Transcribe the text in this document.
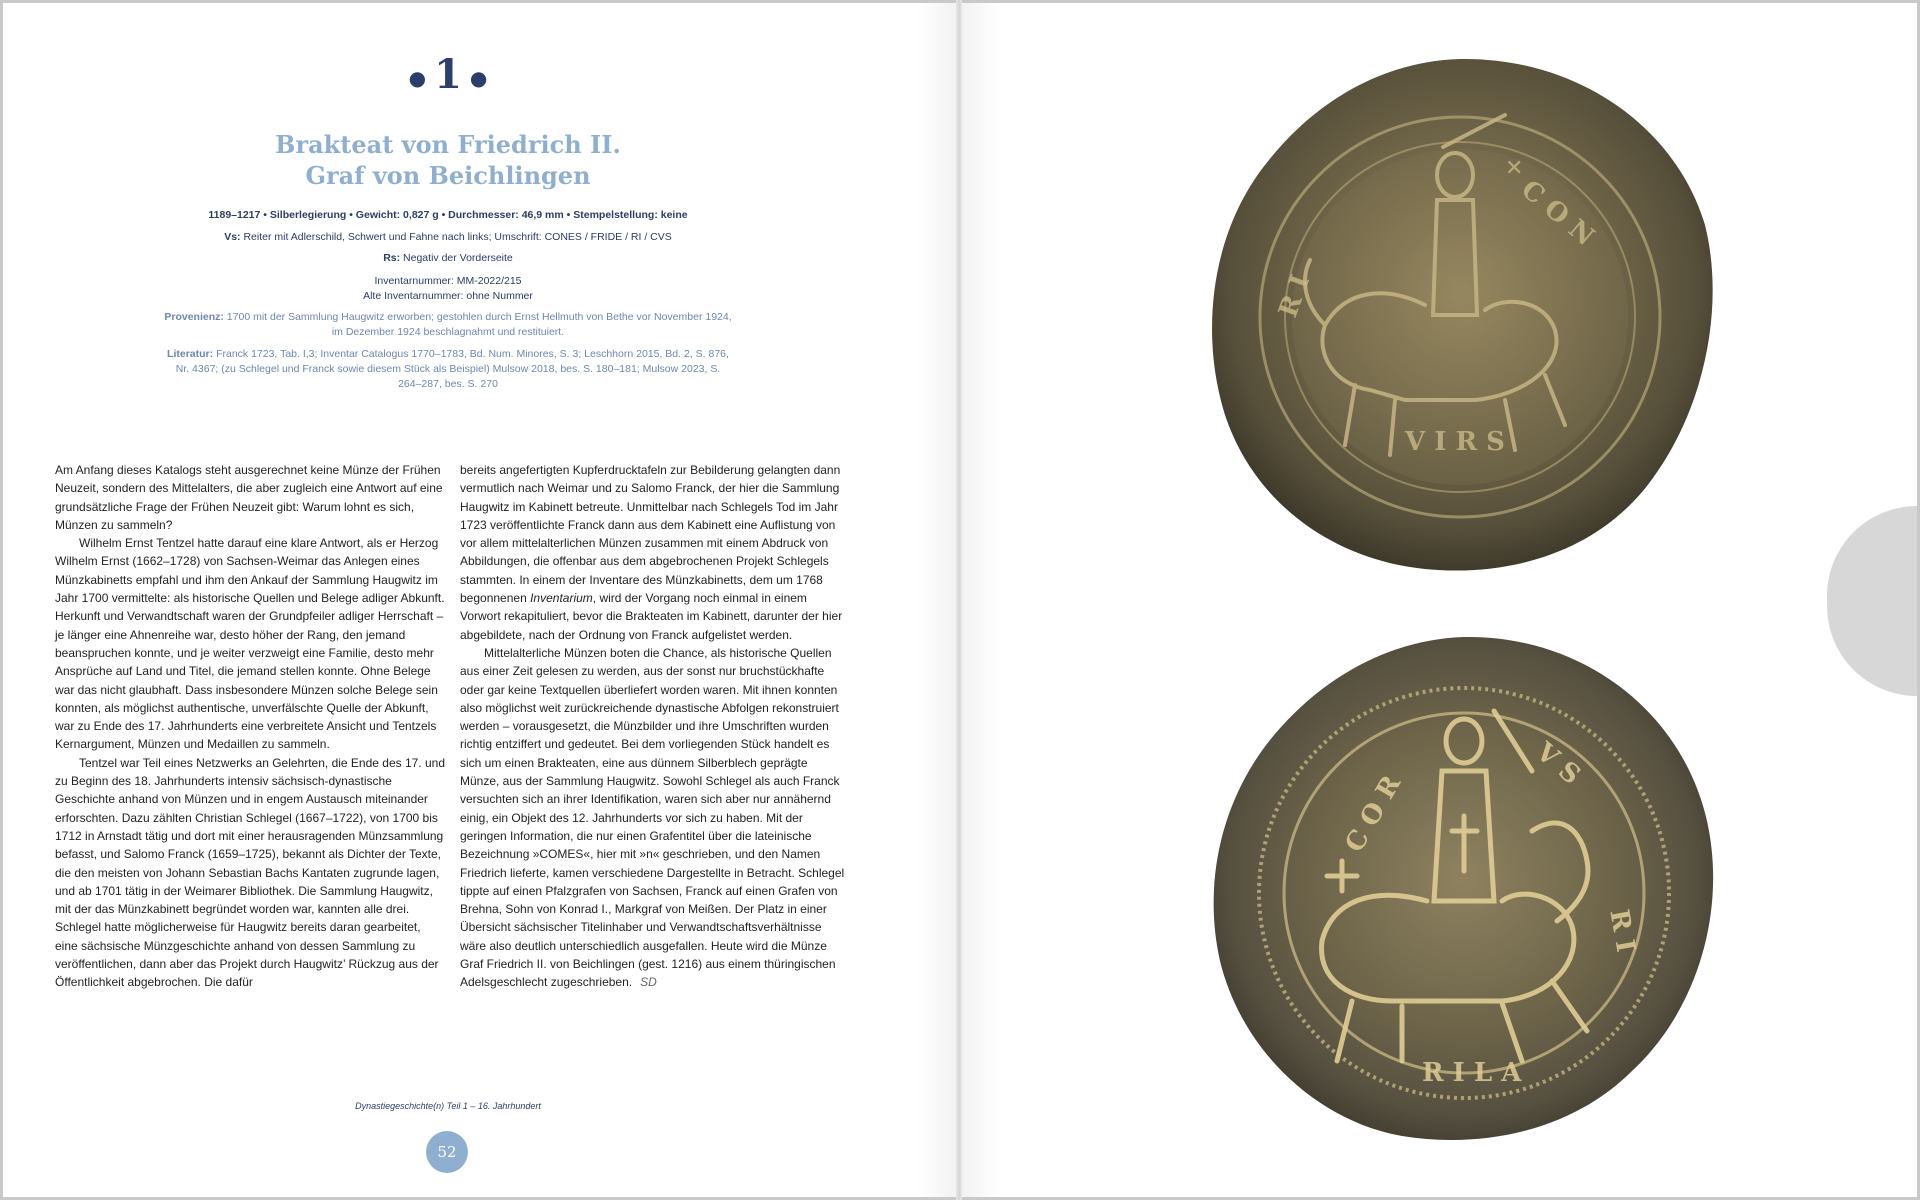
● 1 ●
Brakteat von Friedrich II.
Graf von Beichlingen
1189–1217 • Silberlegierung • Gewicht: 0,827 g • Durchmesser: 46,9 mm • Stempelstellung: keine
Vs: Reiter mit Adlerschild, Schwert und Fahne nach links; Umschrift: CONES / FRIDE / RI / CVS
Rs: Negativ der Vorderseite
Inventarnummer: MM-2022/215
Alte Inventarnummer: ohne Nummer
Provenienz: 1700 mit der Sammlung Haugwitz erworben; gestohlen durch Ernst Hellmuth von Bethe vor November 1924, im Dezember 1924 beschlagnahmt und restituiert.
Literatur: Franck 1723, Tab. I,3; Inventar Catalogus 1770–1783, Bd. Num. Minores, S. 3; Leschhorn 2015, Bd. 2, S. 876, Nr. 4367; (zu Schlegel und Franck sowie diesem Stück als Beispiel) Mulsow 2018, bes. S. 180–181; Mulsow 2023, S. 264–287, bes. S. 270

Am Anfang dieses Katalogs steht ausgerechnet keine Münze der Frühen Neuzeit, sondern des Mittelalters, die aber zugleich eine Antwort auf eine grundsätzliche Frage der Frühen Neuzeit gibt: Warum lohnt es sich, Münzen zu sammeln?

Wilhelm Ernst Tentzel hatte darauf eine klare Antwort, als er Herzog Wilhelm Ernst (1662–1728) von Sachsen-Weimar das Anlegen eines Münzkabinetts empfahl und ihm den Ankauf der Sammlung Haugwitz im Jahr 1700 vermittelte: als historische Quellen und Belege adliger Abkunft. Herkunft und Verwandtschaft waren der Grundpfeiler adliger Herrschaft – je länger eine Ahnenreihe war, desto höher der Rang, den jemand beanspruchen konnte, und je weiter verzweigt eine Familie, desto mehr Ansprüche auf Land und Titel, die jemand stellen konnte. Ohne Belege war das nicht glaubhaft. Dass insbesondere Münzen solche Belege sein konnten, als möglichst authentische, unverfälschte Quelle der Abkunft, war zu Ende des 17. Jahrhunderts eine verbreitete Ansicht und Tentzels Kernargument, Münzen und Medaillen zu sammeln.

Tentzel war Teil eines Netzwerks an Gelehrten, die Ende des 17. und zu Beginn des 18. Jahrhunderts intensiv sächsisch-dynastische Geschichte anhand von Münzen und in engem Austausch miteinander erforschten. Dazu zählten Christian Schlegel (1667–1722), von 1700 bis 1712 in Arnstadt tätig und dort mit einer herausragenden Münzsammlung befasst, und Salomo Franck (1659–1725), bekannt als Dichter der Texte, die den meisten von Johann Sebastian Bachs Kantaten zugrunde lagen, und ab 1701 tätig in der Weimarer Bibliothek. Die Sammlung Haugwitz, mit der das Münzkabinett begründet worden war, kannten alle drei. Schlegel hatte möglicherweise für Haugwitz bereits daran gearbeitet, eine sächsische Münzgeschichte anhand von dessen Sammlung zu veröffentlichen, dann aber das Projekt durch Haugwitz’ Rückzug aus der Öffentlichkeit abgebrochen. Die dafür

bereits angefertigten Kupferdrucktafeln zur Bebilderung gelangten dann vermutlich nach Weimar und zu Salomo Franck, der hier die Sammlung Haugwitz im Kabinett betreute. Unmittelbar nach Schlegels Tod im Jahr 1723 veröffentlichte Franck dann aus dem Kabinett eine Auflistung von vor allem mittelalterlichen Münzen zusammen mit einem Abdruck von Abbildungen, die offenbar aus dem abgebrochenen Projekt Schlegels stammten. In einem der Inventare des Münzkabinetts, dem um 1768 begonnenen Inventarium, wird der Vorgang noch einmal in einem Vorwort rekapituliert, bevor die Brakteaten im Kabinett, darunter der hier abgebildete, nach der Ordnung von Franck aufgelistet werden.

Mittelalterliche Münzen boten die Chance, als historische Quellen aus einer Zeit gelesen zu werden, aus der sonst nur bruchstückhafte oder gar keine Textquellen überliefert worden waren. Mit ihnen konnten also möglichst weit zurückreichende dynastische Abfolgen rekonstruiert werden – vorausgesetzt, die Münzbilder und ihre Umschriften wurden richtig entziffert und gedeutet. Bei dem vorliegenden Stück handelt es sich um einen Brakteaten, eine aus dünnem Silberblech geprägte Münze, aus der Sammlung Haugwitz. Sowohl Schlegel als auch Franck versuchten sich an ihrer Identifikation, waren sich aber nur annähernd einig, ein Objekt des 12. Jahrhunderts vor sich zu haben. Mit der geringen Information, die nur einen Grafentitel über die lateinische Bezeichnung »COMES«, hier mit »n« geschrieben, und den Namen Friedrich lieferte, kamen verschiedene Dargestellte in Betracht. Schlegel tippte auf einen Pfalzgrafen von Sachsen, Franck auf einen Grafen von Brehna, Sohn von Konrad I., Markgraf von Meißen. Der Platz in einer Übersicht sächsischer Titelinhaber und Verwandtschaftsverhältnisse wäre also deutlich unterschiedlich ausgefallen. Heute wird die Münze Graf Friedrich II. von Beichlingen (gest. 1216) aus einem thüringischen Adelsgeschlecht zugeschrieben. SD

Dynastiegeschichte(n) Teil 1 – 16. Jahrhundert
52
C O N
R I
V I R S
✕
C O R
V S
R I
R I L A
